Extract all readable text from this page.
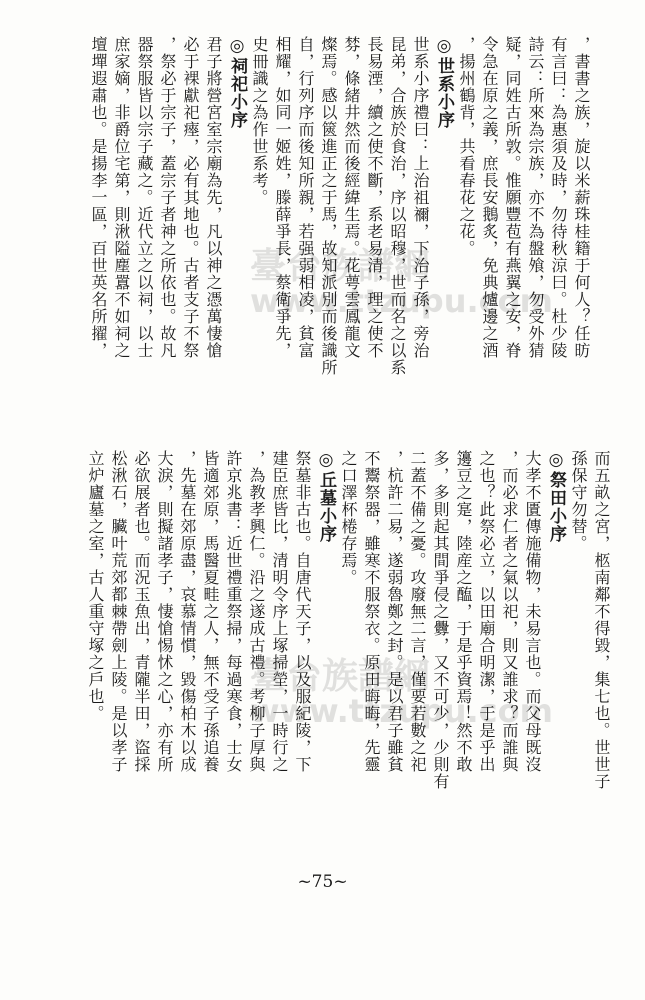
臺台族譜網
www.ttzupu.com
臺台族譜網
www.ttzupu.com
，書書之族，旋以米薪珠桂籍于何人？任昉
有言曰：為惠須及時，勿待秋涼曰。杜少陵
詩云：所來為宗族，亦不為盤飧，勿受外猜
疑，同姓古所敦。惟願豐苞有燕翼之安，脊
令急在原之義，庶長安鵝炙，免典爐邊之酒
，揚州鶴背，共看春花之花。
◎世系小序
世系小序禮曰：上治祖禰，下治子孫，旁治
昆弟，合族於食治，序以昭穆，世而名之以系
長易湮，續之使不斷，系老易清，理之使不
棼，條緒井然而後經緯生焉。花萼雲鳳龍文
燦焉。感以篋進正之于馬，故知派別而後識所
自，行列序而後知所親，若强弱相凌，貧富
相耀，如同一姬姓，滕薛爭長，蔡衛爭先，
史冊識之為作世系考。
◎祠祀小序
君子將營宮室宗廟為先，凡以神之憑萬悽愴
必于裸獻祀瘞，必有其地也。古者支子不祭
，祭必于宗子，蓋宗子者神之所依也。故凡
器祭服皆以宗子藏之。近代立之以祠，以士
庶家嫡，非爵位宅第，則湫隘塵囂不如祠之
壇墠遐肅也。是揚李一區，百世英名所擢，
而五畝之宮，柩南鄰不得毀，集七也。世世子
孫保守勿替。
◎祭田小序
大孝不匱傳施備物，未易言也。而父母既沒
，而必求仁者之氣以祀，則又誰求？而誰與
之也？此祭必立，以田廟合明潔，于是乎出
籩豆之寔，陸産之醢，于是乎資焉！然不敢
多，多則起其間爭侵之釁，又不可少，少則有
二蓋不備之憂。攻廢無二言，僅要若數之祀
，杭許二易，遂弱魯鄭之封。是以君子雖貧
不鬻祭器，雖寒不服祭衣。原田晦晦，先靈
之口澤杯棬存焉。
◎丘墓小序
祭墓非古也。自唐代天子，以及服紀陵，下
建臣庶皆比，清明令序上塚掃塋，一時行之
，為教孝興仁。沿之遂成古禮。考柳子厚與
許京兆書：近世禮重祭掃，每過寒食，士女
皆適郊原，馬醫夏畦之人，無不受子孫追養
，先墓在郊原盡，哀慕情慣，毀傷柏木以成
大淚，則擬諸孝子，悽愴惕怵之心，亦有所
必欲展者也。而況玉魚出，青隴半田，盜採
松湫石，臟叶荒郊都棘帶劍上陵。是以孝子
立炉廬墓之室，古人重守塚之戶也。
~75~
